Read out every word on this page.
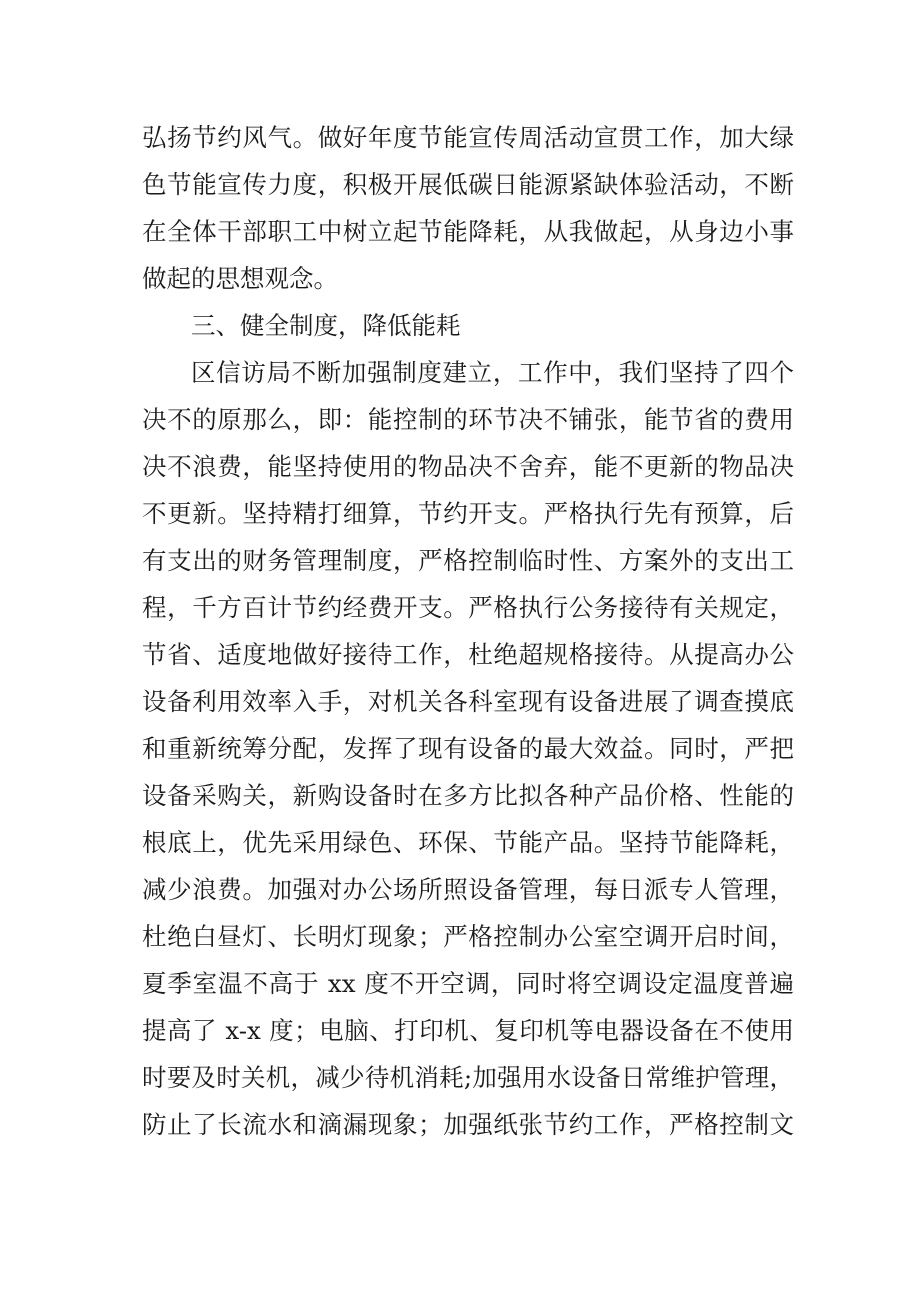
弘扬节约风气。做好年度节能宣传周活动宣贯工作，加大绿
色节能宣传力度，积极开展低碳日能源紧缺体验活动，不断
在全体干部职工中树立起节能降耗，从我做起，从身边小事
做起的思想观念。
三、健全制度，降低能耗
区信访局不断加强制度建立，工作中，我们坚持了四个
决不的原那么，即：能控制的环节决不铺张，能节省的费用
决不浪费，能坚持使用的物品决不舍弃，能不更新的物品决
不更新。坚持精打细算，节约开支。严格执行先有预算，后
有支出的财务管理制度，严格控制临时性、方案外的支出工
程，千方百计节约经费开支。严格执行公务接待有关规定，
节省、适度地做好接待工作，杜绝超规格接待。从提高办公
设备利用效率入手，对机关各科室现有设备进展了调查摸底
和重新统筹分配，发挥了现有设备的最大效益。同时，严把
设备采购关，新购设备时在多方比拟各种产品价格、性能的
根底上，优先采用绿色、环保、节能产品。坚持节能降耗，
减少浪费。加强对办公场所照设备管理，每日派专人管理，
杜绝白昼灯、长明灯现象；严格控制办公室空调开启时间，
夏季室温不高于 xx 度不开空调，同时将空调设定温度普遍
提高了 x-x 度；电脑、打印机、复印机等电器设备在不使用
时要及时关机，减少待机消耗;加强用水设备日常维护管理，
防止了长流水和滴漏现象；加强纸张节约工作，严格控制文
